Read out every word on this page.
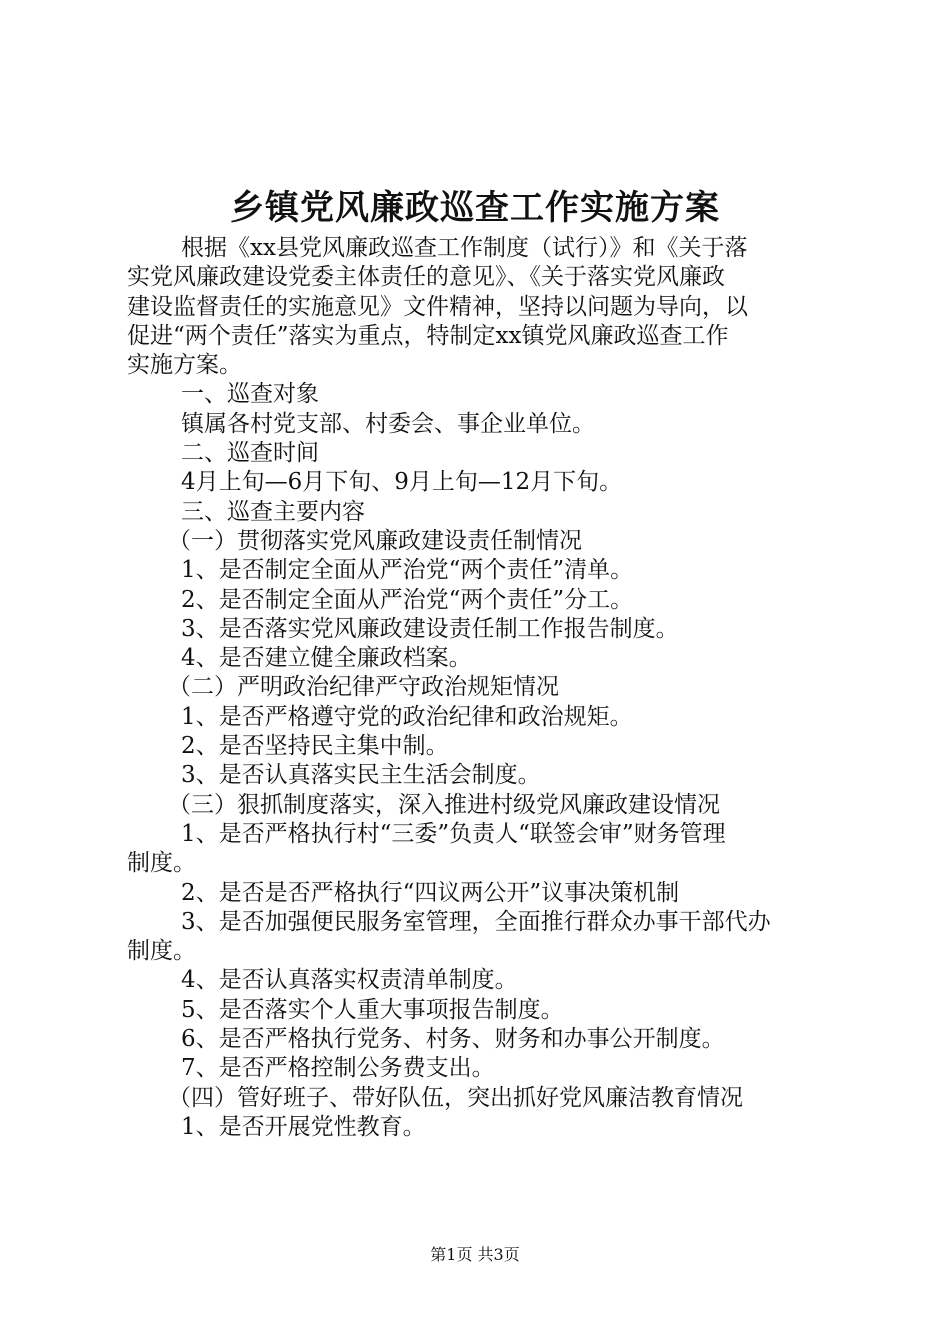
乡镇党风廉政巡查工作实施方案
根据《xx县党风廉政巡查工作制度（试行）》和《关于落
实党风廉政建设党委主体责任的意见》、《关于落实党风廉政
建设监督责任的实施意见》文件精神，坚持以问题为导向，以
促进“两个责任”落实为重点，特制定xx镇党风廉政巡查工作
实施方案。
一、巡查对象
镇属各村党支部、村委会、事企业单位。
二、巡查时间
4月上旬—6月下旬、9月上旬—12月下旬。
三、巡查主要内容
（一）贯彻落实党风廉政建设责任制情况
1、是否制定全面从严治党“两个责任”清单。
2、是否制定全面从严治党“两个责任”分工。
3、是否落实党风廉政建设责任制工作报告制度。
4、是否建立健全廉政档案。
（二）严明政治纪律严守政治规矩情况
1、是否严格遵守党的政治纪律和政治规矩。
2、是否坚持民主集中制。
3、是否认真落实民主生活会制度。
（三）狠抓制度落实，深入推进村级党风廉政建设情况
1、是否严格执行村“三委”负责人“联签会审”财务管理
制度。
2、是否是否严格执行“四议两公开”议事决策机制
3、是否加强便民服务室管理，全面推行群众办事干部代办
制度。
4、是否认真落实权责清单制度。
5、是否落实个人重大事项报告制度。
6、是否严格执行党务、村务、财务和办事公开制度。
7、是否严格控制公务费支出。
（四）管好班子、带好队伍，突出抓好党风廉洁教育情况
1、是否开展党性教育。
第1页 共3页
